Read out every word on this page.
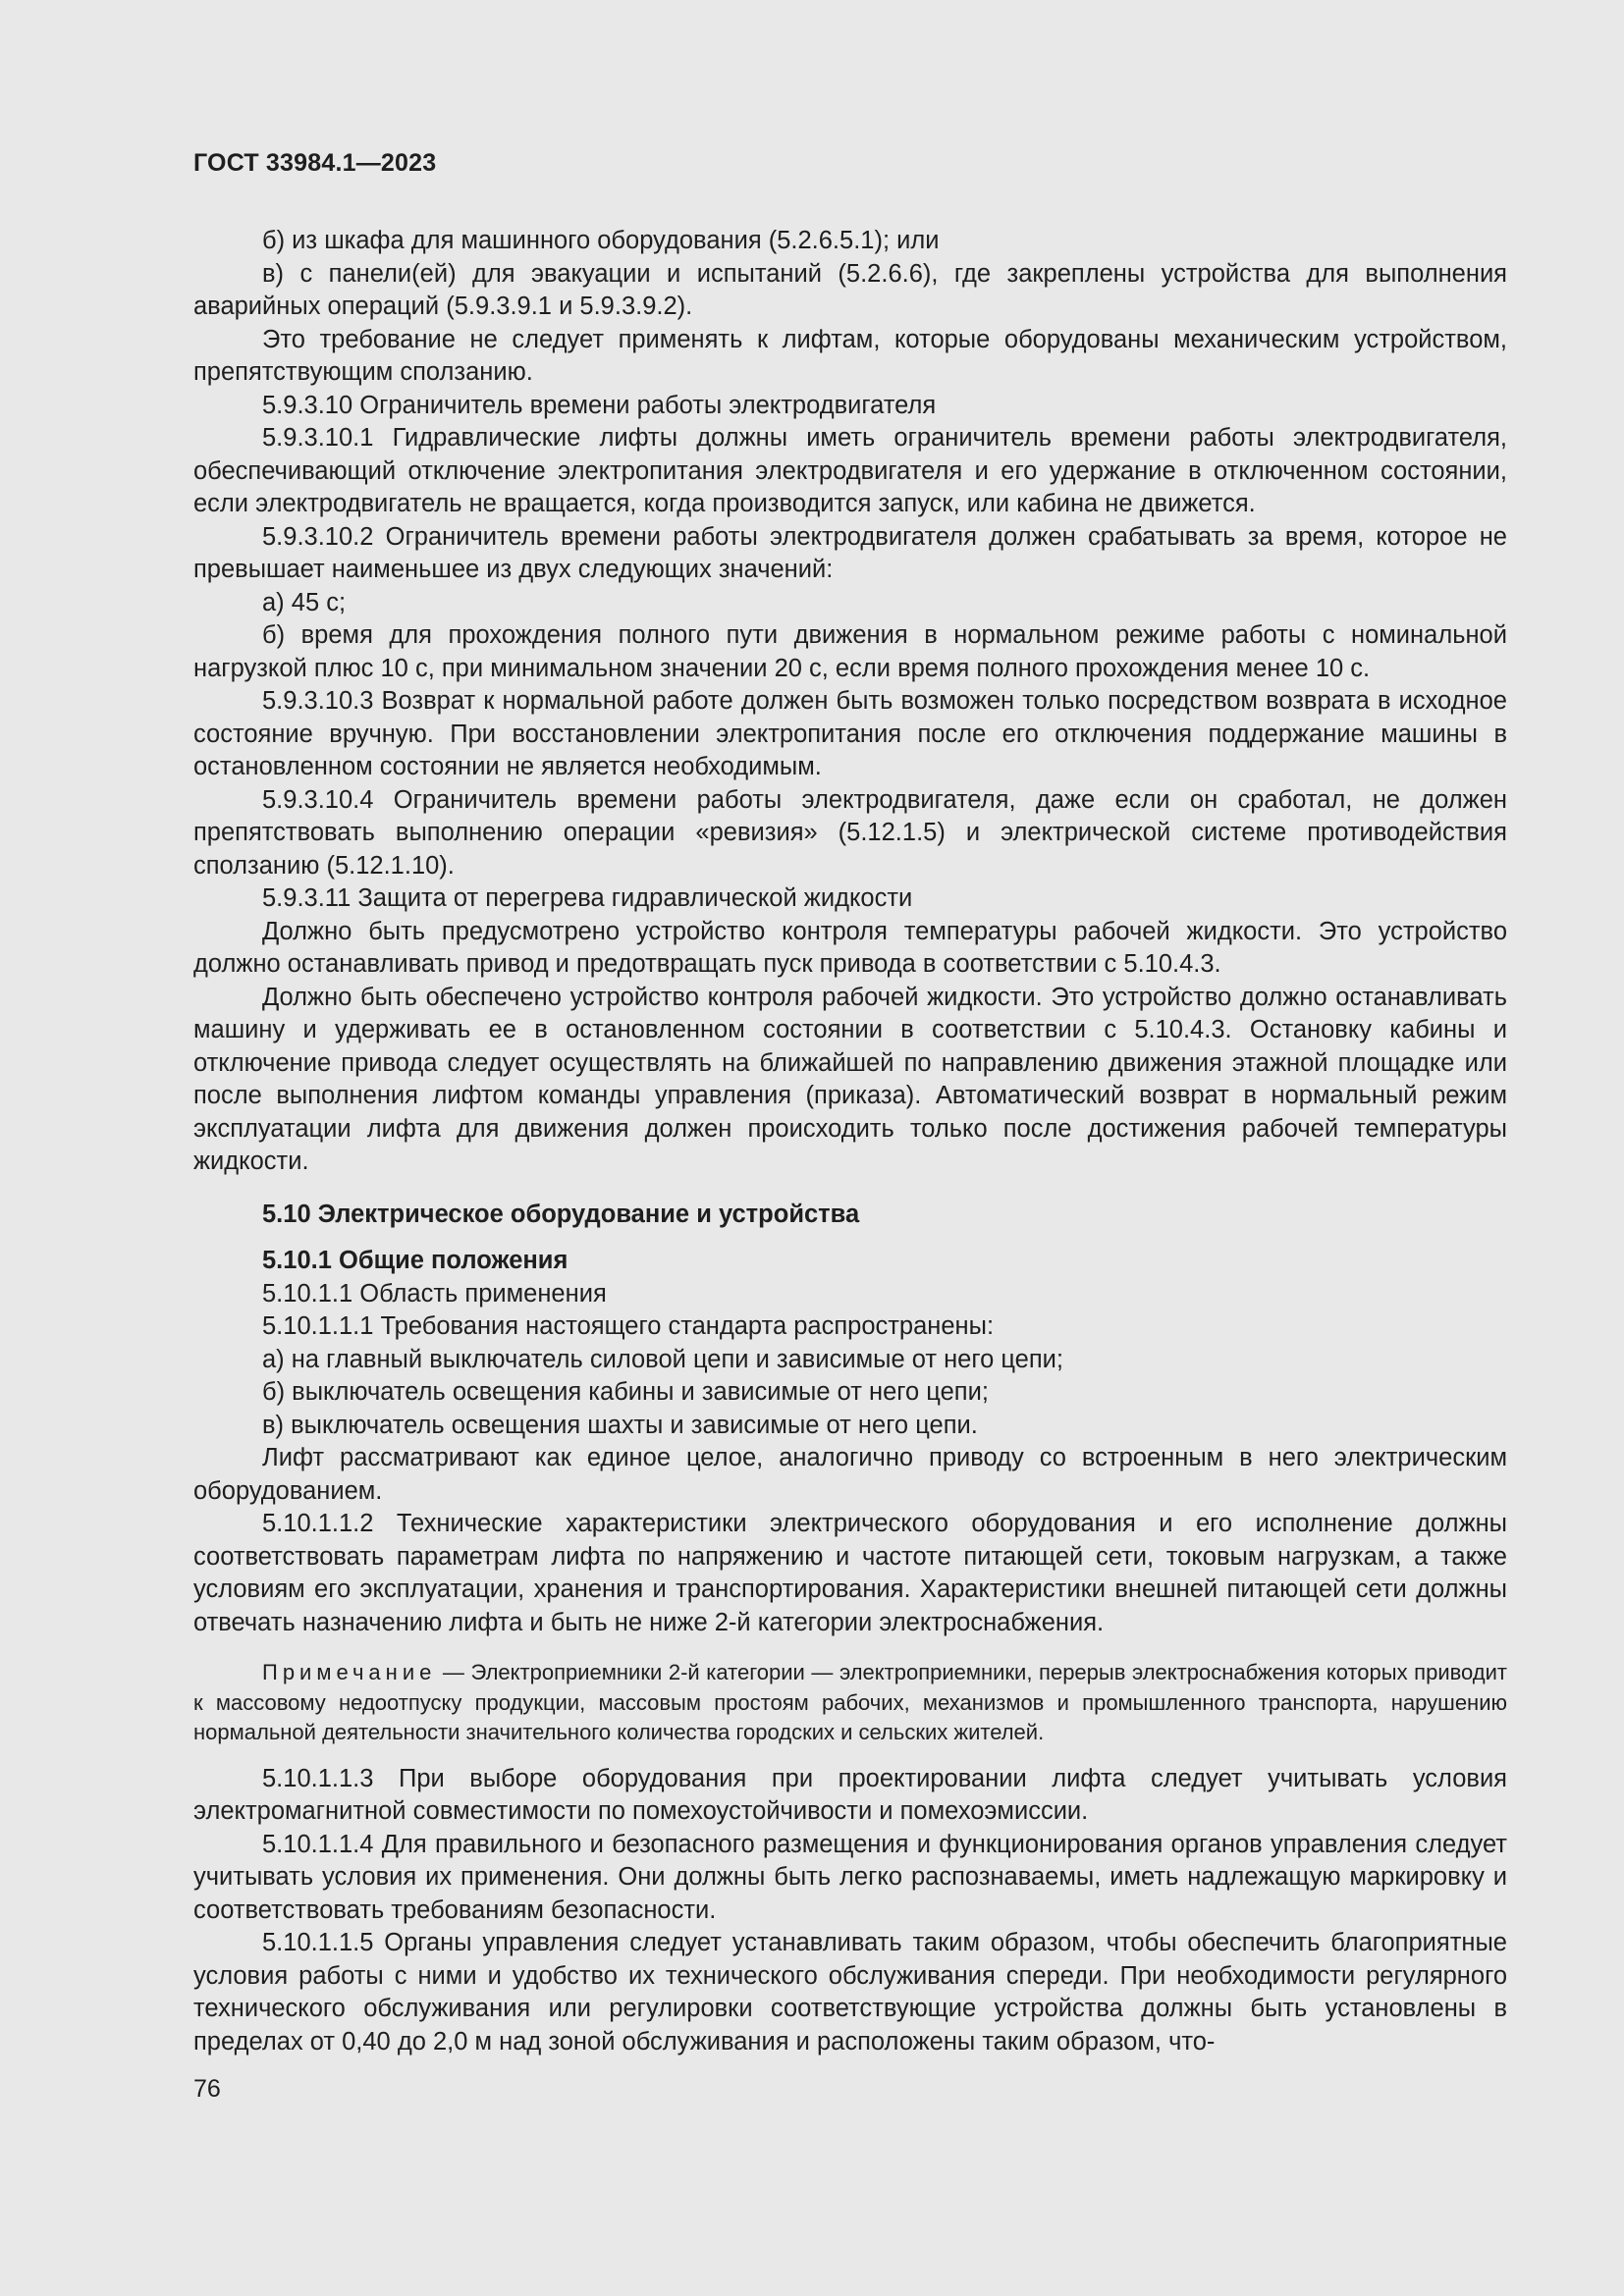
ГОСТ 33984.1—2023

б) из шкафа для машинного оборудования (5.2.6.5.1); или

в) с панели(ей) для эвакуации и испытаний (5.2.6.6), где закреплены устройства для выполнения аварийных операций (5.9.3.9.1 и 5.9.3.9.2).

Это требование не следует применять к лифтам, которые оборудованы механическим устройством, препятствующим сползанию.

5.9.3.10 Ограничитель времени работы электродвигателя

5.9.3.10.1 Гидравлические лифты должны иметь ограничитель времени работы электродвигателя, обеспечивающий отключение электропитания электродвигателя и его удержание в отключенном состоянии, если электродвигатель не вращается, когда производится запуск, или кабина не движется.

5.9.3.10.2 Ограничитель времени работы электродвигателя должен срабатывать за время, которое не превышает наименьшее из двух следующих значений:

а) 45 с;

б) время для прохождения полного пути движения в нормальном режиме работы с номинальной нагрузкой плюс 10 с, при минимальном значении 20 с, если время полного прохождения менее 10 с.

5.9.3.10.3 Возврат к нормальной работе должен быть возможен только посредством возврата в исходное состояние вручную. При восстановлении электропитания после его отключения поддержание машины в остановленном состоянии не является необходимым.

5.9.3.10.4 Ограничитель времени работы электродвигателя, даже если он сработал, не должен препятствовать выполнению операции «ревизия» (5.12.1.5) и электрической системе противодействия сползанию (5.12.1.10).

5.9.3.11 Защита от перегрева гидравлической жидкости

Должно быть предусмотрено устройство контроля температуры рабочей жидкости. Это устройство должно останавливать привод и предотвращать пуск привода в соответствии с 5.10.4.3.

Должно быть обеспечено устройство контроля рабочей жидкости. Это устройство должно останавливать машину и удерживать ее в остановленном состоянии в соответствии с 5.10.4.3. Остановку кабины и отключение привода следует осуществлять на ближайшей по направлению движения этажной площадке или после выполнения лифтом команды управления (приказа). Автоматический возврат в нормальный режим эксплуатации лифта для движения должен происходить только после достижения рабочей температуры жидкости.

5.10 Электрическое оборудование и устройства

5.10.1 Общие положения

5.10.1.1 Область применения

5.10.1.1.1 Требования настоящего стандарта распространены:

а) на главный выключатель силовой цепи и зависимые от него цепи;

б) выключатель освещения кабины и зависимые от него цепи;

в) выключатель освещения шахты и зависимые от него цепи.

Лифт рассматривают как единое целое, аналогично приводу со встроенным в него электрическим оборудованием.

5.10.1.1.2 Технические характеристики электрического оборудования и его исполнение должны соответствовать параметрам лифта по напряжению и частоте питающей сети, токовым нагрузкам, а также условиям его эксплуатации, хранения и транспортирования. Характеристики внешней питающей сети должны отвечать назначению лифта и быть не ниже 2-й категории электроснабжения.

Примечание — Электроприемники 2-й категории — электроприемники, перерыв электроснабжения которых приводит к массовому недоотпуску продукции, массовым простоям рабочих, механизмов и промышленного транспорта, нарушению нормальной деятельности значительного количества городских и сельских жителей.

5.10.1.1.3 При выборе оборудования при проектировании лифта следует учитывать условия электромагнитной совместимости по помехоустойчивости и помехоэмиссии.

5.10.1.1.4 Для правильного и безопасного размещения и функционирования органов управления следует учитывать условия их применения. Они должны быть легко распознаваемы, иметь надлежащую маркировку и соответствовать требованиям безопасности.

5.10.1.1.5 Органы управления следует устанавливать таким образом, чтобы обеспечить благоприятные условия работы с ними и удобство их технического обслуживания спереди. При необходимости регулярного технического обслуживания или регулировки соответствующие устройства должны быть установлены в пределах от 0,40 до 2,0 м над зоной обслуживания и расположены таким образом, что-

76
